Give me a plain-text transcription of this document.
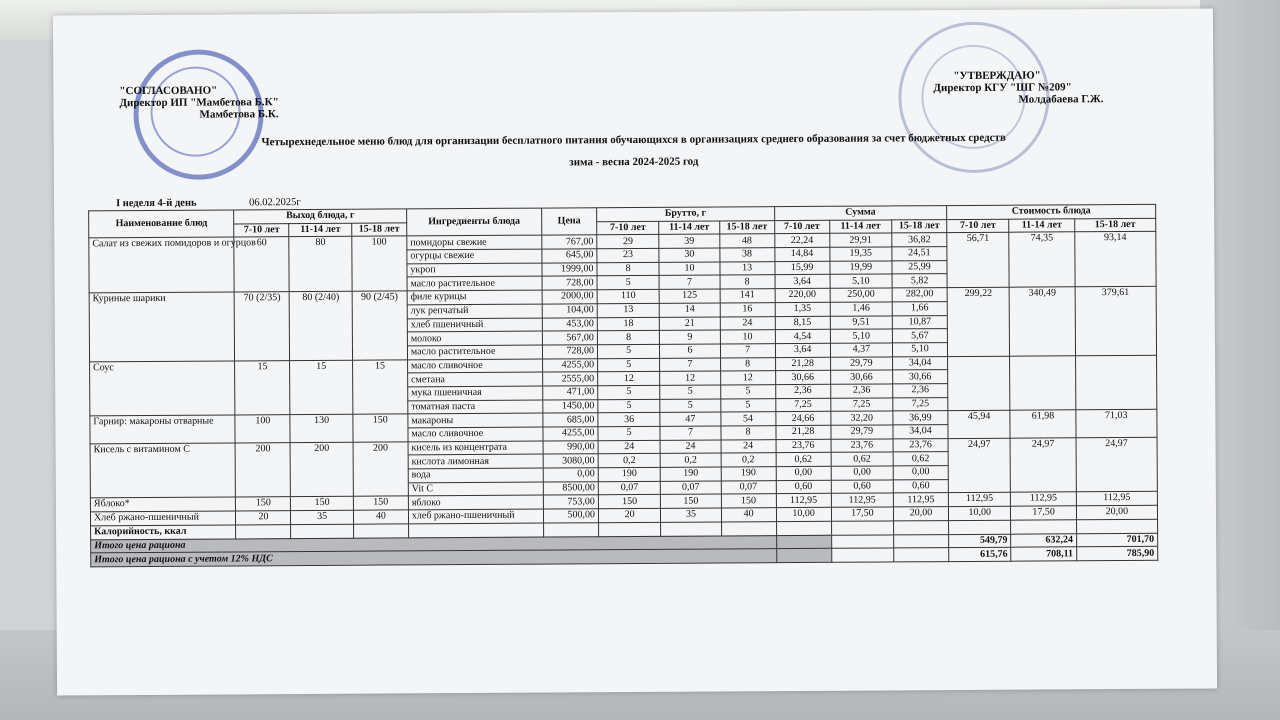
"СОГЛАСОВАНО"
Директор ИП "Мамбетова Б.К"
Мамбетова Б.К.
"УТВЕРЖДАЮ"
Директор КГУ "ШГ №209"
Молдабаева Г.Ж.
Четырехнедельное меню блюд для организации бесплатного питания обучающихся в организациях среднего образования за счет бюджетных средств
зима - весна 2024-2025 год
I неделя 4-й день	06.02.2025г
Наименование блюд	Выход блюда, г			Ингредиенты блюда	Цена	Брутто, г			Сумма			Стоимость блюда		
	7-10 лет	11-14 лет	15-18 лет			7-10 лет	11-14 лет	15-18 лет	7-10 лет	11-14 лет	15-18 лет	7-10 лет	11-14 лет	15-18 лет
Салат из свежих помидоров и огурцов	60	80	100	помидоры свежие	767,00	29	39	48	22,24	29,91	36,82	56,71	74,35	93,14
				огурцы свежие	645,00	23	30	38	14,84	19,35	24,51			
				укроп	1999,00	8	10	13	15,99	19,99	25,99			
				масло растительное	728,00	5	7	8	3,64	5,10	5,82			
Куриные шарики	70 (2/35)	80 (2/40)	90 (2/45)	филе курицы	2000,00	110	125	141	220,00	250,00	282,00	299,22	340,49	379,61
				лук репчатый	104,00	13	14	16	1,35	1,46	1,66			
				хлеб пшеничный	453,00	18	21	24	8,15	9,51	10,87			
				молоко	567,00	8	9	10	4,54	5,10	5,67			
				масло растительное	728,00	5	6	7	3,64	4,37	5,10			
Соус	15	15	15	масло сливочное	4255,00	5	7	8	21,28	29,79	34,04			
				сметана	2555,00	12	12	12	30,66	30,66	30,66			
				мука пшеничная	471,00	5	5	5	2,36	2,36	2,36			
				томатная паста	1450,00	5	5	5	7,25	7,25	7,25			
Гарнир: макароны отварные	100	130	150	макароны	685,00	36	47	54	24,66	32,20	36,99	45,94	61,98	71,03
				масло сливочное	4255,00	5	7	8	21,28	29,79	34,04			
Кисель с витамином С	200	200	200	кисель из концентрата	990,00	24	24	24	23,76	23,76	23,76	24,97	24,97	24,97
				кислота лимонная	3080,00	0,2	0,2	0,2	0,62	0,62	0,62			
				вода	0,00	190	190	190	0,00	0,00	0,00			
				Vit C	8500,00	0,07	0,07	0,07	0,60	0,60	0,60			
Яблоко*	150	150	150	яблоко	753,00	150	150	150	112,95	112,95	112,95	112,95	112,95	112,95
Хлеб ржано-пшеничный	20	35	40	хлеб ржано-пшеничный	500,00	20	35	40	10,00	17,50	20,00	10,00	17,50	20,00
Калорийность, ккал														
Итого цена рациона												549,79	632,24	701,70
Итого цена рациона с учетом 12% НДС												615,76	708,11	785,90
